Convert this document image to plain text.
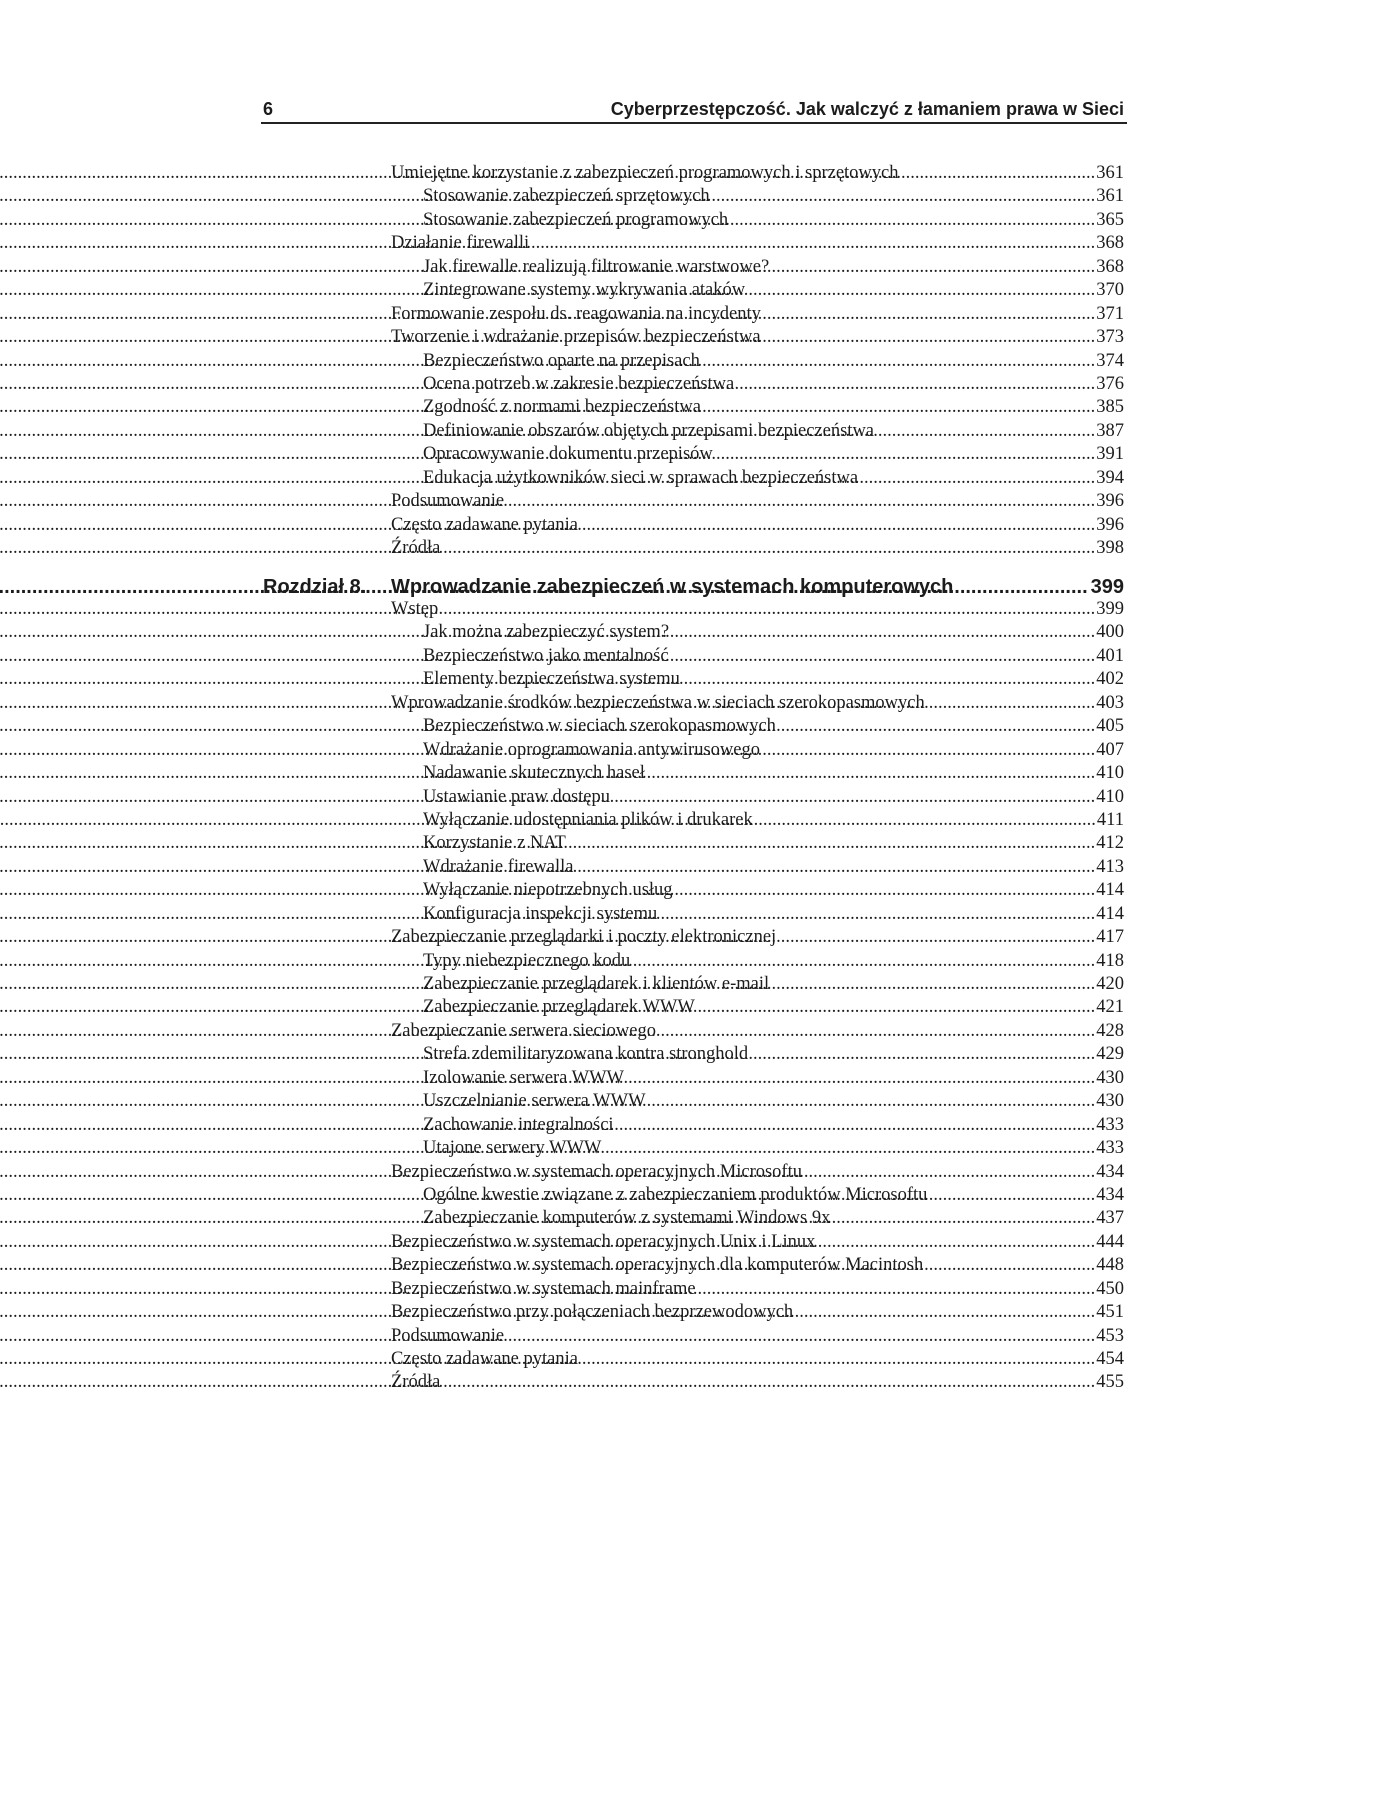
6	Cyberprzestępczość. Jak walczyć z łamaniem prawa w Sieci
Umiejętne korzystanie z zabezpieczeń programowych i sprzętowych .....	361
Stosowanie zabezpieczeń sprzętowych .....	361
Stosowanie zabezpieczeń programowych .....	365
Działanie firewalli .....	368
Jak firewalle realizują filtrowanie warstwowe? .....	368
Zintegrowane systemy wykrywania ataków .....	370
Formowanie zespołu ds. reagowania na incydenty .....	371
Tworzenie i wdrażanie przepisów bezpieczeństwa .....	373
Bezpieczeństwo oparte na przepisach .....	374
Ocena potrzeb w zakresie bezpieczeństwa .....	376
Zgodność z normami bezpieczeństwa .....	385
Definiowanie obszarów objętych przepisami bezpieczeństwa .....	387
Opracowywanie dokumentu przepisów .....	391
Edukacja użytkowników sieci w sprawach bezpieczeństwa .....	394
Podsumowanie .....	396
Często zadawane pytania .....	396
Źródła .....	398
Rozdział 8.	Wprowadzanie zabezpieczeń w systemach komputerowych .....	399
Wstęp .....	399
Jak można zabezpieczyć system? .....	400
Bezpieczeństwo jako mentalność .....	401
Elementy bezpieczeństwa systemu .....	402
Wprowadzanie środków bezpieczeństwa w sieciach szerokopasmowych .....	403
Bezpieczeństwo w sieciach szerokopasmowych .....	405
Wdrażanie oprogramowania antywirusowego .....	407
Nadawanie skutecznych haseł .....	410
Ustawianie praw dostępu .....	410
Wyłączanie udostępniania plików i drukarek .....	411
Korzystanie z NAT .....	412
Wdrażanie firewalla .....	413
Wyłączanie niepotrzebnych usług .....	414
Konfiguracja inspekcji systemu .....	414
Zabezpieczanie przeglądarki i poczty elektronicznej .....	417
Typy niebezpiecznego kodu .....	418
Zabezpieczanie przeglądarek i klientów e-mail .....	420
Zabezpieczanie przeglądarek WWW .....	421
Zabezpieczanie serwera sieciowego .....	428
Strefa zdemilitaryzowana kontra stronghold .....	429
Izolowanie serwera WWW .....	430
Uszczelnianie serwera WWW .....	430
Zachowanie integralności .....	433
Utajone serwery WWW .....	433
Bezpieczeństwo w systemach operacyjnych Microsoftu .....	434
Ogólne kwestie związane z zabezpieczaniem produktów Microsoftu .....	434
Zabezpieczanie komputerów z systemami Windows 9x .....	437
Bezpieczeństwo w systemach operacyjnych Unix i Linux .....	444
Bezpieczeństwo w systemach operacyjnych dla komputerów Macintosh .....	448
Bezpieczeństwo w systemach mainframe .....	450
Bezpieczeństwo przy połączeniach bezprzewodowych .....	451
Podsumowanie .....	453
Często zadawane pytania .....	454
Źródła .....	455
